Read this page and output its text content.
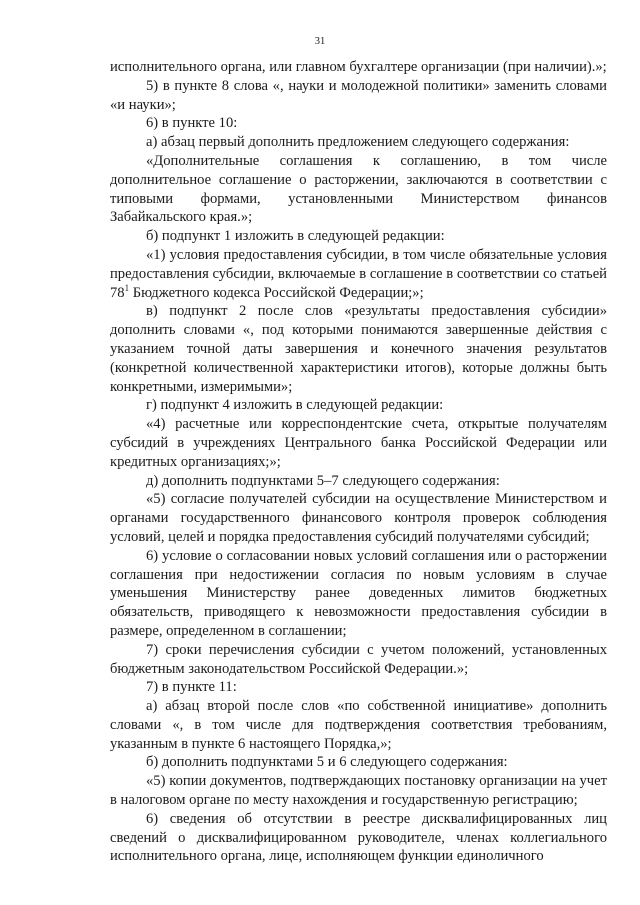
31

исполнительного органа, или главном бухгалтере организации (при наличии).»;

5) в пункте 8 слова «, науки и молодежной политики» заменить словами «и науки»;

6) в пункте 10:

а) абзац первый дополнить предложением следующего содержания:

«Дополнительные соглашения к соглашению, в том числе дополнительное соглашение о расторжении, заключаются в соответствии с типовыми формами, установленными Министерством финансов Забайкальского края.»;

б) подпункт 1 изложить в следующей редакции:

«1) условия предоставления субсидии, в том числе обязательные условия предоставления субсидии, включаемые в соглашение в соответствии со статьей $78^1$ Бюджетного кодекса Российской Федерации;»;

в) подпункт 2 после слов «результаты предоставления субсидии» дополнить словами «, под которыми понимаются завершенные действия с указанием точной даты завершения и конечного значения результатов (конкретной количественной характеристики итогов), которые должны быть конкретными, измеримыми»;

г) подпункт 4 изложить в следующей редакции:

«4) расчетные или корреспондентские счета, открытые получателям субсидий в учреждениях Центрального банка Российской Федерации или кредитных организациях;»;

д) дополнить подпунктами 5–7 следующего содержания:

«5) согласие получателей субсидии на осуществление Министерством и органами государственного финансового контроля проверок соблюдения условий, целей и порядка предоставления субсидий получателями субсидий;

6) условие о согласовании новых условий соглашения или о расторжении соглашения при недостижении согласия по новым условиям в случае уменьшения Министерству ранее доведенных лимитов бюджетных обязательств, приводящего к невозможности предоставления субсидии в размере, определенном в соглашении;

7) сроки перечисления субсидии с учетом положений, установленных бюджетным законодательством Российской Федерации.»;

7) в пункте 11:

а) абзац второй после слов «по собственной инициативе» дополнить словами «, в том числе для подтверждения соответствия требованиям, указанным в пункте 6 настоящего Порядка,»;

б) дополнить подпунктами 5 и 6 следующего содержания:

«5) копии документов, подтверждающих постановку организации на учет в налоговом органе по месту нахождения и государственную регистрацию;

6) сведения об отсутствии в реестре дисквалифицированных лиц сведений о дисквалифицированном руководителе, членах коллегиального исполнительного органа, лице, исполняющем функции единоличного
